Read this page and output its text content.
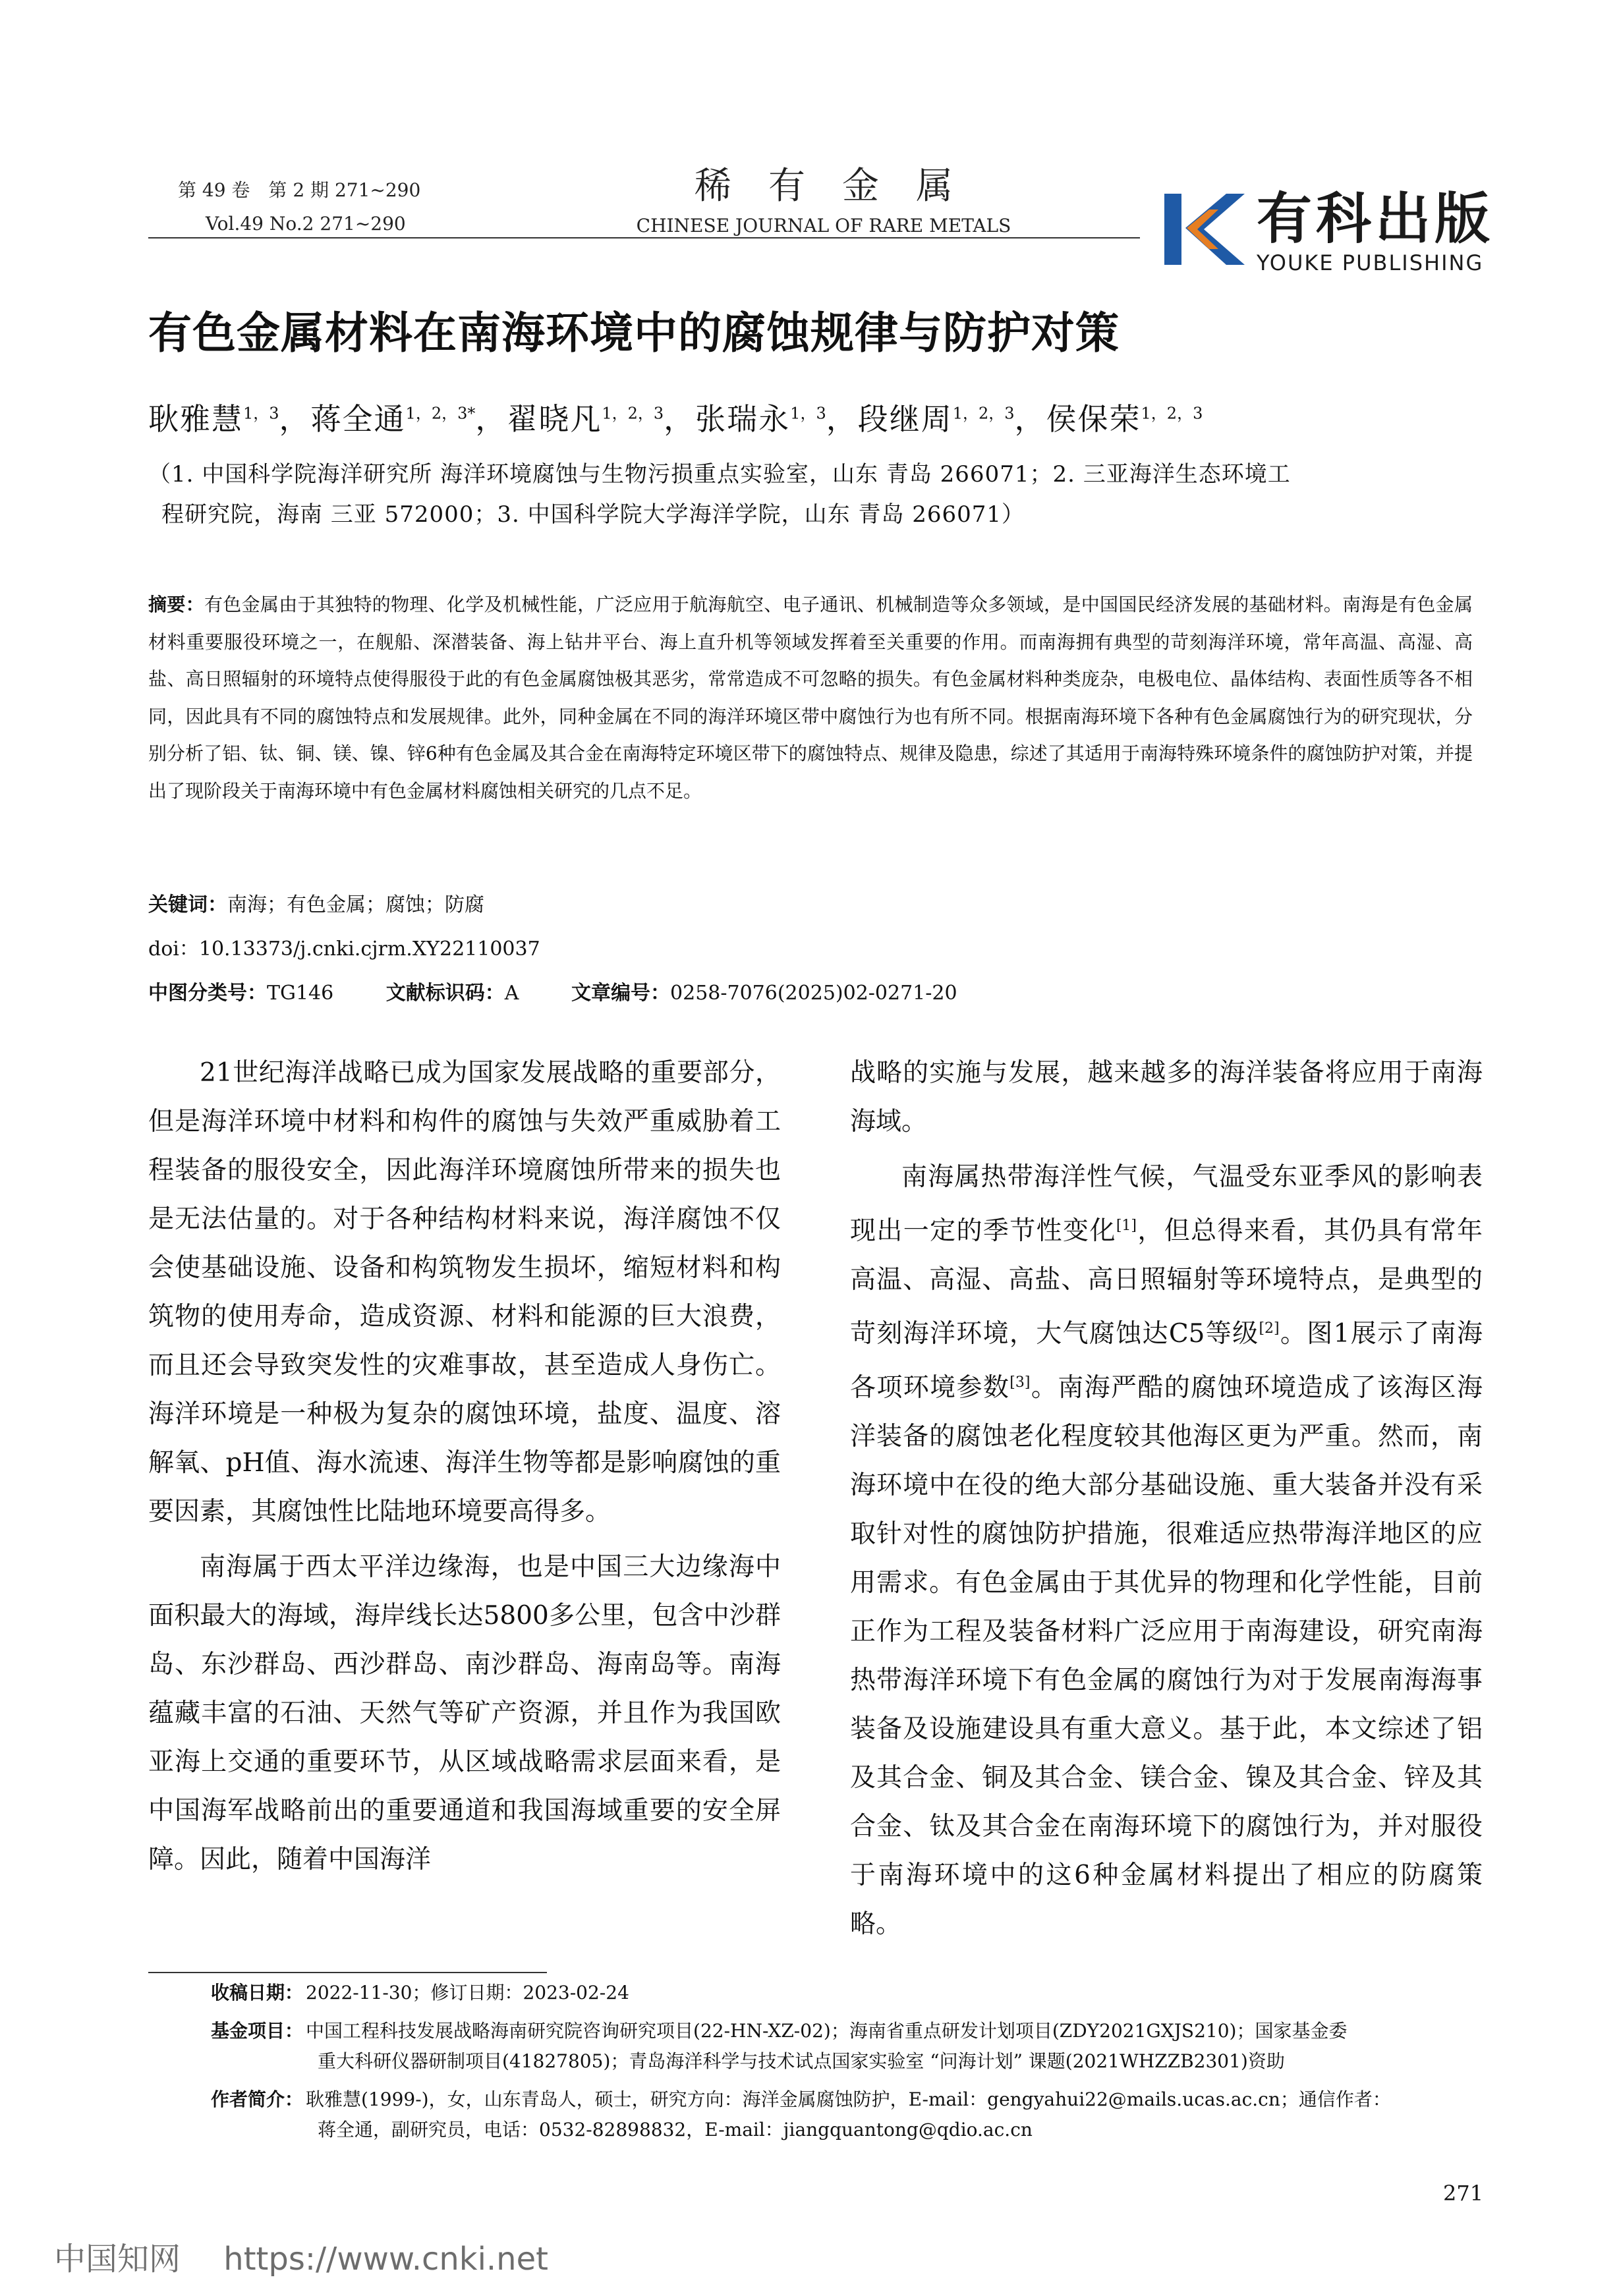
第 49 卷　第 2 期 271~290
Vol.49 No.2 271~290
稀　有　金　属
CHINESE JOURNAL OF RARE METALS	有科出版
YOUKE PUBLISHING
有色金属材料在南海环境中的腐蚀规律与防护对策
耿雅慧$^{1,3}$，蒋全通$^{1,2,3*}$，翟晓凡$^{1,2,3}$，张瑞永$^{1,3}$，段继周$^{1,2,3}$，侯保荣$^{1,2,3}$
（1. 中国科学院海洋研究所 海洋环境腐蚀与生物污损重点实验室，山东 青岛 266071；2. 三亚海洋生态环境工
程研究院，海南 三亚 572000；3. 中国科学院大学海洋学院，山东 青岛 266071）
摘要：有色金属由于其独特的物理、化学及机械性能，广泛应用于航海航空、电子通讯、机械制造等众多领域，是中国国民经济发展的基础材料。南海是有色金属材料重要服役环境之一，在舰船、深潜装备、海上钻井平台、海上直升机等领域发挥着至关重要的作用。而南海拥有典型的苛刻海洋环境，常年高温、高湿、高盐、高日照辐射的环境特点使得服役于此的有色金属腐蚀极其恶劣，常常造成不可忽略的损失。有色金属材料种类庞杂，电极电位、晶体结构、表面性质等各不相同，因此具有不同的腐蚀特点和发展规律。此外，同种金属在不同的海洋环境区带中腐蚀行为也有所不同。根据南海环境下各种有色金属腐蚀行为的研究现状，分别分析了铝、钛、铜、镁、镍、锌6种有色金属及其合金在南海特定环境区带下的腐蚀特点、规律及隐患，综述了其适用于南海特殊环境条件的腐蚀防护对策，并提出了现阶段关于南海环境中有色金属材料腐蚀相关研究的几点不足。
关键词：南海；有色金属；腐蚀；防腐
doi：10.13373/j.cnki.cjrm.XY22110037
中图分类号：TG146	文献标识码：A	文章编号：0258-7076(2025)02-0271-20

21世纪海洋战略已成为国家发展战略的重要部分，但是海洋环境中材料和构件的腐蚀与失效严重威胁着工程装备的服役安全，因此海洋环境腐蚀所带来的损失也是无法估量的。对于各种结构材料来说，海洋腐蚀不仅会使基础设施、设备和构筑物发生损坏，缩短材料和构筑物的使用寿命，造成资源、材料和能源的巨大浪费，而且还会导致突发性的灾难事故，甚至造成人身伤亡。海洋环境是一种极为复杂的腐蚀环境，盐度、温度、溶解氧、pH值、海水流速、海洋生物等都是影响腐蚀的重要因素，其腐蚀性比陆地环境要高得多。

南海属于西太平洋边缘海，也是中国三大边缘海中面积最大的海域，海岸线长达5800多公里，包含中沙群岛、东沙群岛、西沙群岛、南沙群岛、海南岛等。南海蕴藏丰富的石油、天然气等矿产资源，并且作为我国欧亚海上交通的重要环节，从区域战略需求层面来看，是中国海军战略前出的重要通道和我国海域重要的安全屏障。因此，随着中国海洋

战略的实施与发展，越来越多的海洋装备将应用于南海海域。

南海属热带海洋性气候，气温受东亚季风的影响表现出一定的季节性变化[1]，但总得来看，其仍具有常年高温、高湿、高盐、高日照辐射等环境特点，是典型的苛刻海洋环境，大气腐蚀达C5等级[2]。图1展示了南海各项环境参数[3]。南海严酷的腐蚀环境造成了该海区海洋装备的腐蚀老化程度较其他海区更为严重。然而，南海环境中在役的绝大部分基础设施、重大装备并没有采取针对性的腐蚀防护措施，很难适应热带海洋地区的应用需求。有色金属由于其优异的物理和化学性能，目前正作为工程及装备材料广泛应用于南海建设，研究南海热带海洋环境下有色金属的腐蚀行为对于发展南海海事装备及设施建设具有重大意义。基于此，本文综述了铝及其合金、铜及其合金、镁合金、镍及其合金、锌及其合金、钛及其合金在南海环境下的腐蚀行为，并对服役于南海环境中的这6种金属材料提出了相应的防腐策略。

收稿日期： 2022-11-30；修订日期：2023-02-24
基金项目： 中国工程科技发展战略海南研究院咨询研究项目(22-HN-XZ-02)；海南省重点研发计划项目(ZDY2021GXJS210)；国家基金委
重大科研仪器研制项目(41827805)；青岛海洋科学与技术试点国家实验室 “问海计划” 课题(2021WHZZB2301)资助
作者简介： 耿雅慧(1999-)，女，山东青岛人，硕士，研究方向：海洋金属腐蚀防护，E-mail：gengyahui22@mails.ucas.ac.cn；通信作者：
蒋全通，副研究员，电话：0532-82898832，E-mail：jiangquantong@qdio.ac.cn
271
中国知网 https://www.cnki.net
